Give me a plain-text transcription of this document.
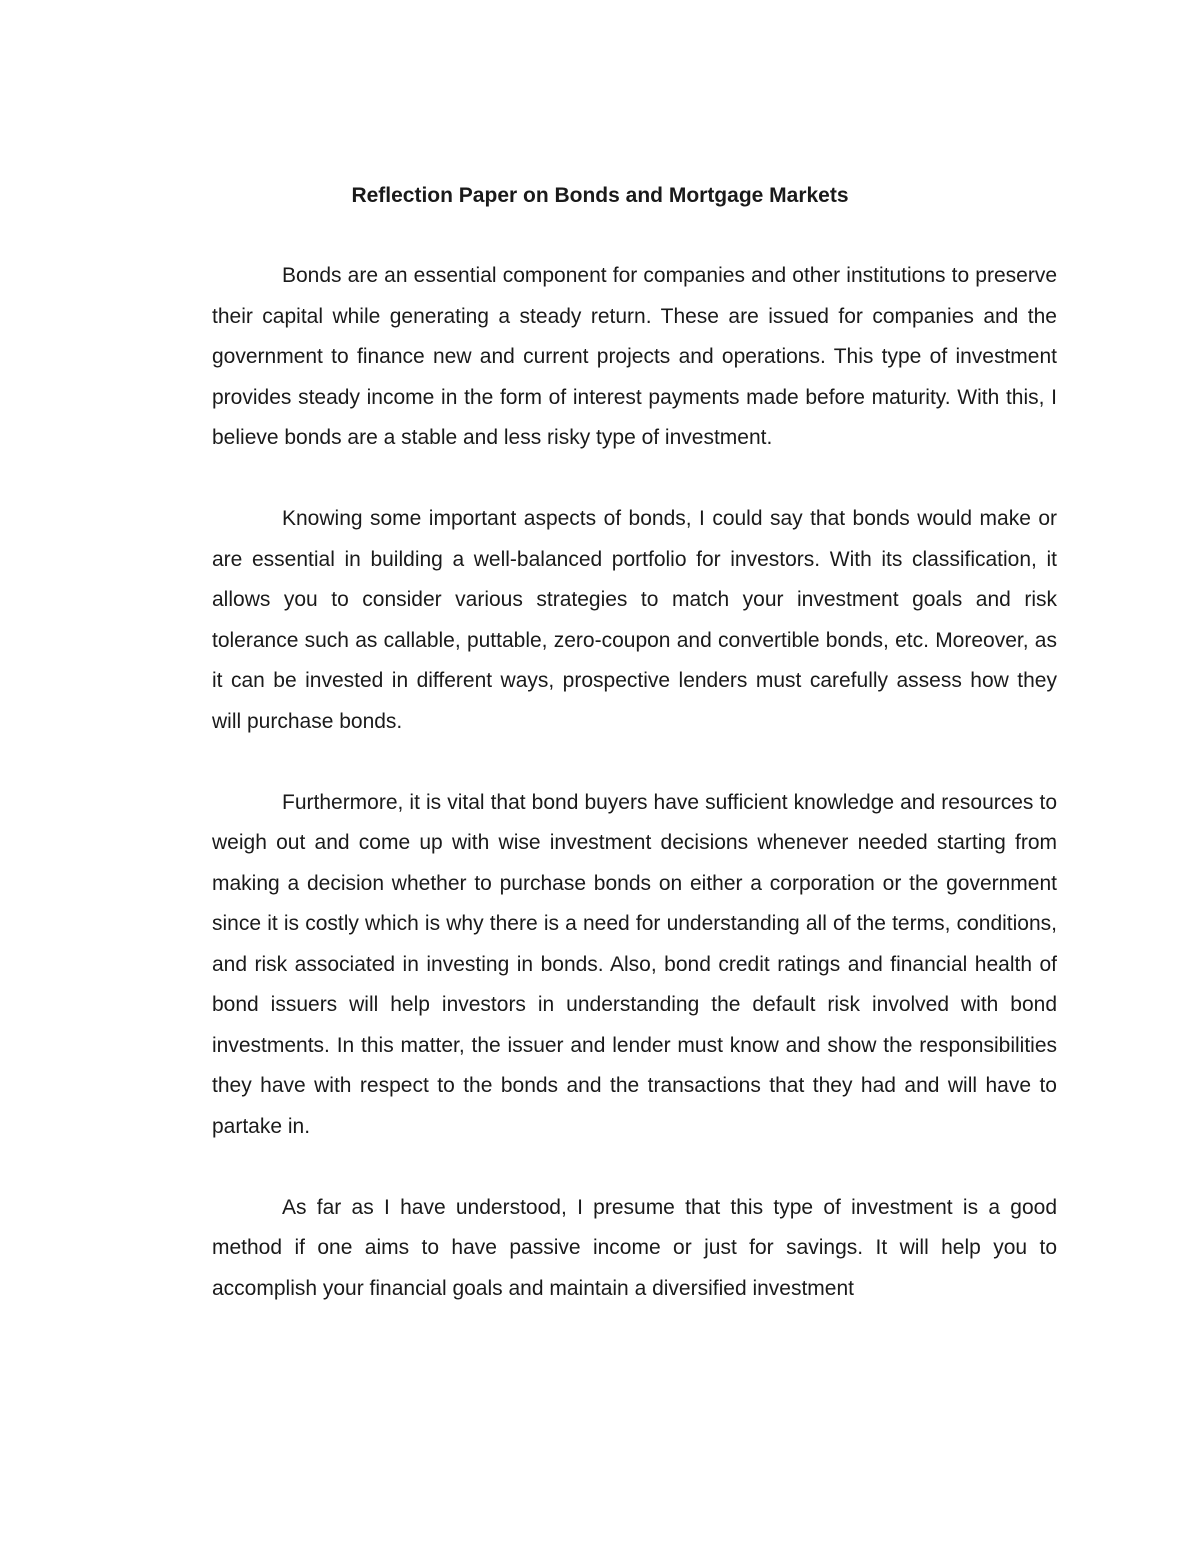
Reflection Paper on Bonds and Mortgage Markets

Bonds are an essential component for companies and other institutions to preserve their capital while generating a steady return. These are issued for companies and the government to finance new and current projects and operations. This type of investment provides steady income in the form of interest payments made before maturity. With this, I believe bonds are a stable and less risky type of investment.

Knowing some important aspects of bonds, I could say that bonds would make or are essential in building a well-balanced portfolio for investors. With its classification, it allows you to consider various strategies to match your investment goals and risk tolerance such as callable, puttable, zero-coupon and convertible bonds, etc. Moreover, as it can be invested in different ways, prospective lenders must carefully assess how they will purchase bonds.

Furthermore, it is vital that bond buyers have sufficient knowledge and resources to weigh out and come up with wise investment decisions whenever needed starting from making a decision whether to purchase bonds on either a corporation or the government since it is costly which is why there is a need for understanding all of the terms, conditions, and risk associated in investing in bonds. Also, bond credit ratings and financial health of bond issuers will help investors in understanding the default risk involved with bond investments. In this matter, the issuer and lender must know and show the responsibilities they have with respect to the bonds and the transactions that they had and will have to partake in.

As far as I have understood, I presume that this type of investment is a good method if one aims to have passive income or just for savings. It will help you to accomplish your financial goals and maintain a diversified investment
